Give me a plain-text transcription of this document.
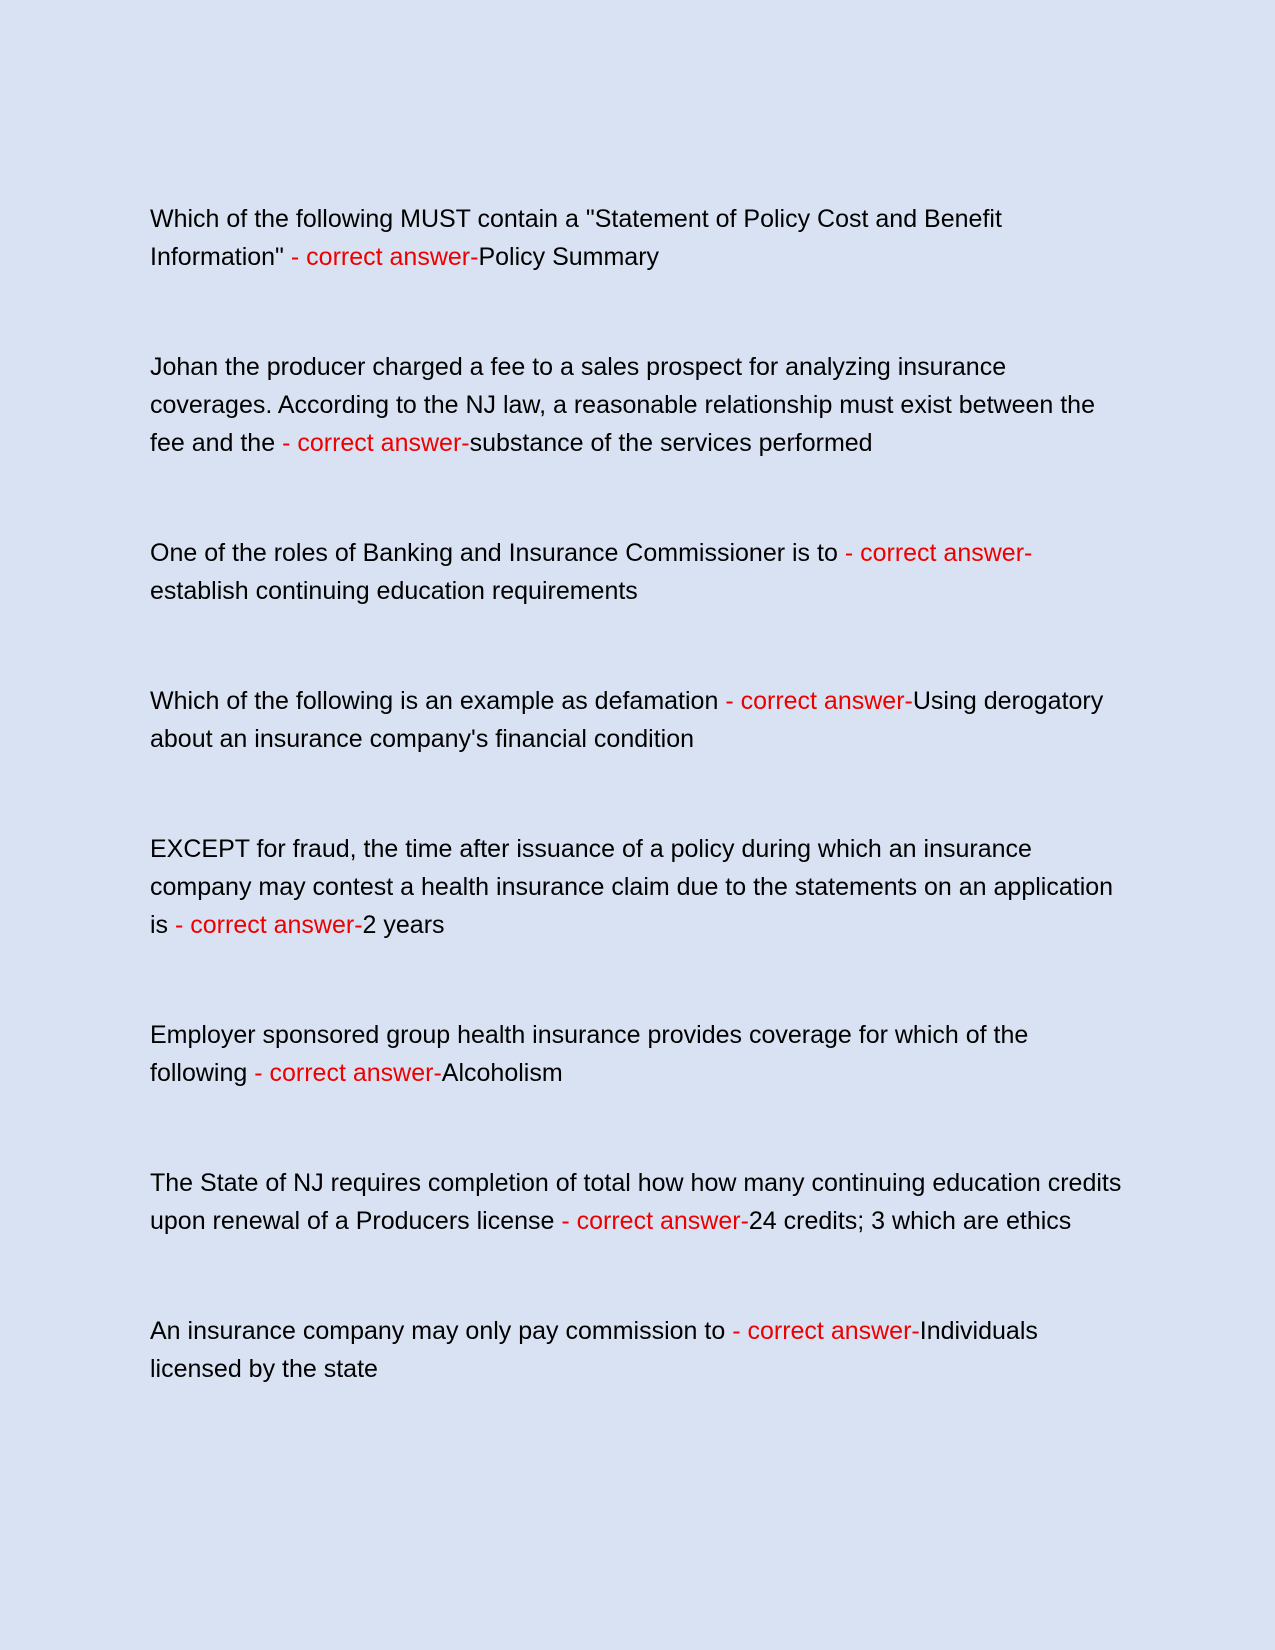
Which of the following MUST contain a "Statement of Policy Cost and Benefit Information" - correct answer-Policy Summary

Johan the producer charged a fee to a sales prospect for analyzing insurance coverages. According to the NJ law, a reasonable relationship must exist between the fee and the - correct answer-substance of the services performed

One of the roles of Banking and Insurance Commissioner is to - correct answer-establish continuing education requirements

Which of the following is an example as defamation - correct answer-Using derogatory about an insurance company's financial condition

EXCEPT for fraud, the time after issuance of a policy during which an insurance company may contest a health insurance claim due to the statements on an application is - correct answer-2 years

Employer sponsored group health insurance provides coverage for which of the following - correct answer-Alcoholism

The State of NJ requires completion of total how how many continuing education credits upon renewal of a Producers license - correct answer-24 credits; 3 which are ethics

An insurance company may only pay commission to - correct answer-Individuals licensed by the state
